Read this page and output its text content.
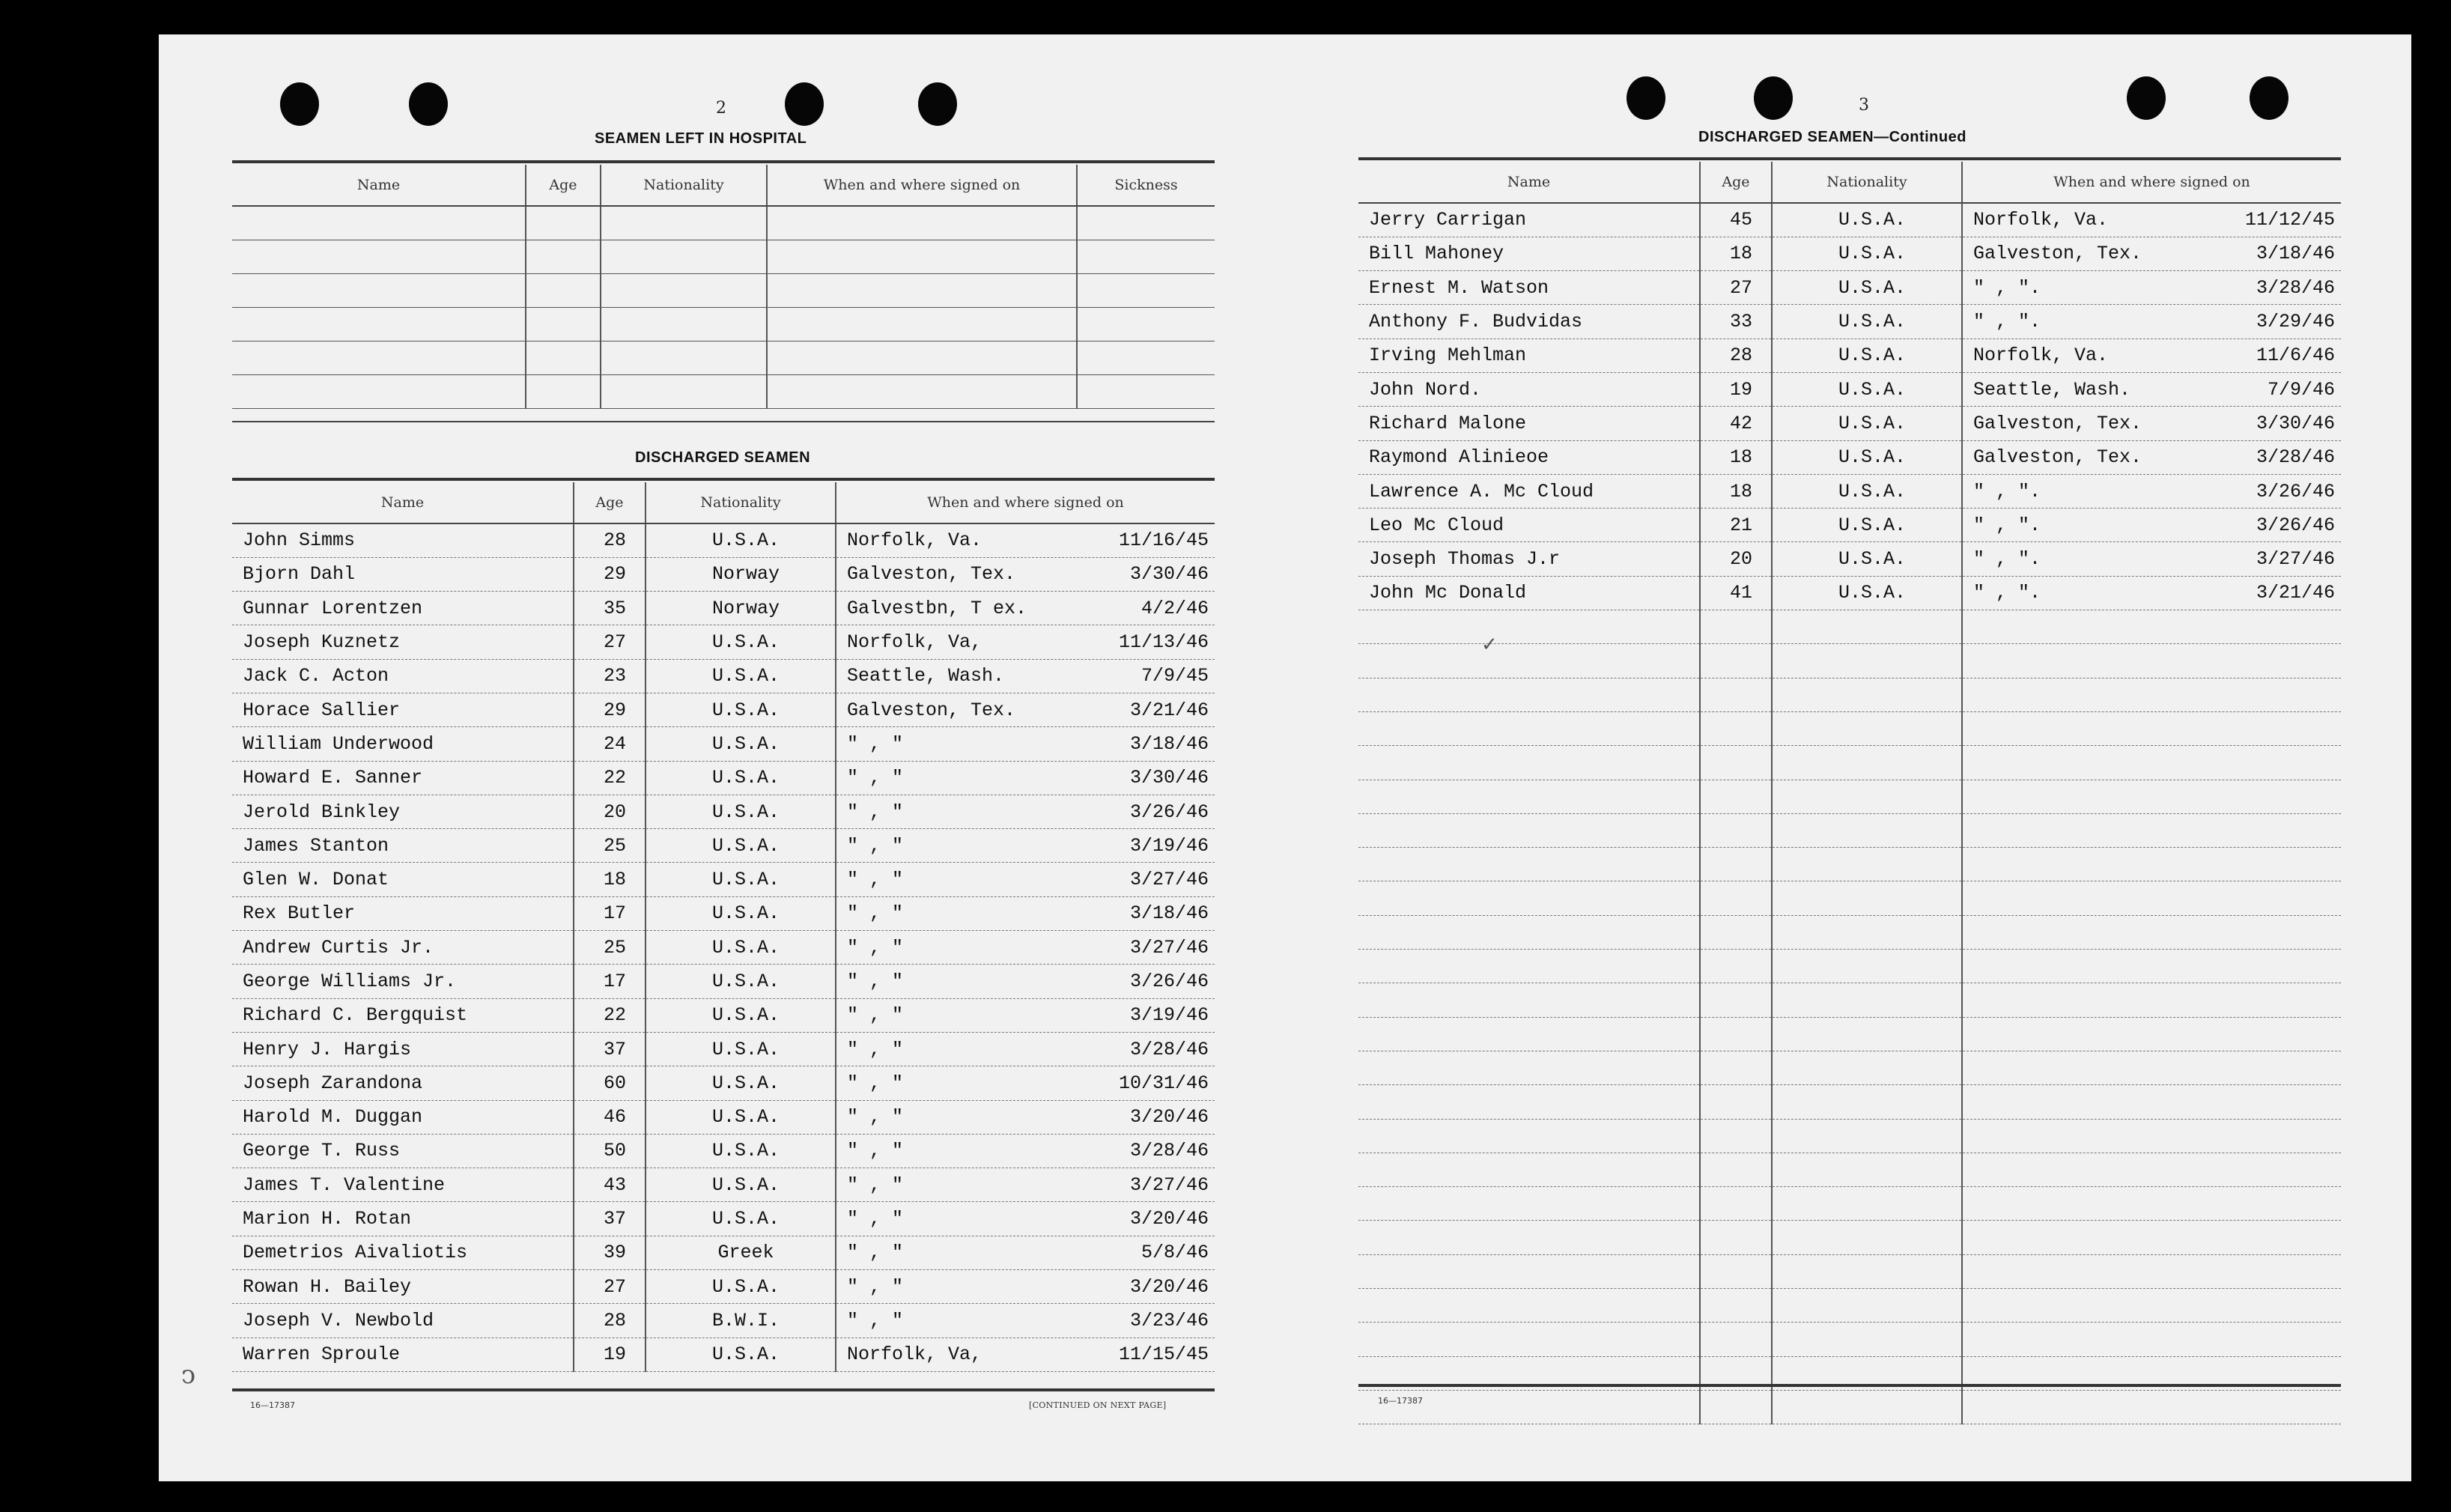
2
SEAMEN LEFT IN HOSPITAL
Name	Age	Nationality	When and where signed on	Sickness

DISCHARGED SEAMEN
Name	Age	Nationality	When and where signed on
John Simms	28	U.S.A.	Norfolk, Va. 11/16/45

Bjorn Dahl	29	Norway	Galveston, Tex. 3/30/46

Gunnar Lorentzen	35	Norway	Galvestbn, T ex. 4/2/46

Joseph Kuznetz	27	U.S.A.	Norfolk, Va, 11/13/46

Jack C. Acton	23	U.S.A.	Seattle, Wash. 7/9/45

Horace Sallier	29	U.S.A.	Galveston, Tex. 3/21/46

William Underwood	24	U.S.A.	" , " 3/18/46

Howard E. Sanner	22	U.S.A.	" , " 3/30/46

Jerold Binkley	20	U.S.A.	" , " 3/26/46

James Stanton	25	U.S.A.	" , " 3/19/46

Glen W. Donat	18	U.S.A.	" , " 3/27/46

Rex Butler	17	U.S.A.	" , " 3/18/46

Andrew Curtis Jr.	25	U.S.A.	" , " 3/27/46

George Williams Jr.	17	U.S.A.	" , " 3/26/46

Richard C. Bergquist	22	U.S.A.	" , " 3/19/46

Henry J. Hargis	37	U.S.A.	" , " 3/28/46

Joseph Zarandona	60	U.S.A.	" , " 10/31/46

Harold M. Duggan	46	U.S.A.	" , " 3/20/46

George T. Russ	50	U.S.A.	" , " 3/28/46

James T. Valentine	43	U.S.A.	" , " 3/27/46

Marion H. Rotan	37	U.S.A.	" , " 3/20/46

Demetrios Aivaliotis	39	Greek	" , " 5/8/46

Rowan H. Bailey	27	U.S.A.	" , " 3/20/46

Joseph V. Newbold	28	B.W.I.	" , " 3/23/46

Warren Sproule	19	U.S.A.	Norfolk, Va, 11/15/45
16—17387	[CONTINUED ON NEXT PAGE]
3
DISCHARGED SEAMEN—Continued
Name	Age	Nationality	When and where signed on
Jerry Carrigan	45	U.S.A.	Norfolk, Va. 11/12/45

Bill Mahoney	18	U.S.A.	Galveston, Tex. 3/18/46

Ernest M. Watson	27	U.S.A.	" , ". 3/28/46

Anthony F. Budvidas	33	U.S.A.	" , ". 3/29/46

Irving Mehlman	28	U.S.A.	Norfolk, Va. 11/6/46

John Nord.	19	U.S.A.	Seattle, Wash. 7/9/46

Richard Malone	42	U.S.A.	Galveston, Tex. 3/30/46

Raymond Alinieoe	18	U.S.A.	Galveston, Tex. 3/28/46

Lawrence A. Mc Cloud	18	U.S.A.	" , ". 3/26/46

Leo Mc Cloud	21	U.S.A.	" , ". 3/26/46

Joseph Thomas J.r	20	U.S.A.	" , ". 3/27/46

John Mc Donald	41	U.S.A.	" , ". 3/21/46

16—17387
✓
ↄ
